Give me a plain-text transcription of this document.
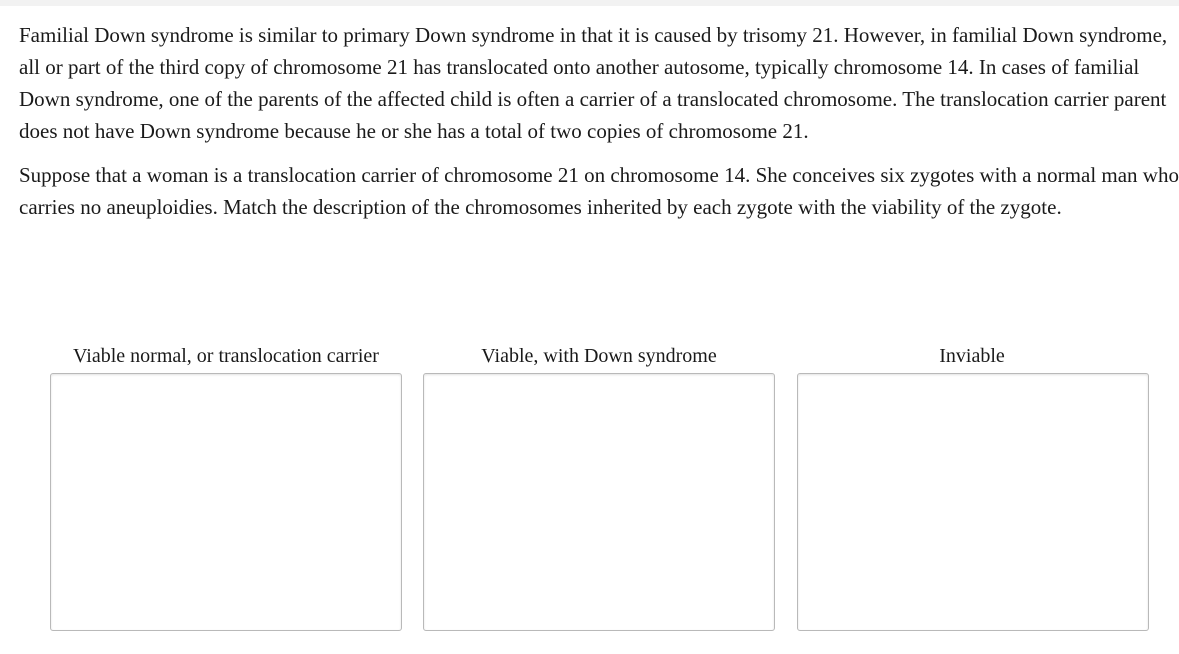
Familial Down syndrome is similar to primary Down syndrome in that it is caused by trisomy 21. However, in familial Down syndrome, all or part of the third copy of chromosome 21 has translocated onto another autosome, typically chromosome 14. In cases of familial Down syndrome, one of the parents of the affected child is often a carrier of a translocated chromosome. The translocation carrier parent does not have Down syndrome because he or she has a total of two copies of chromosome 21.

Suppose that a woman is a translocation carrier of chromosome 21 on chromosome 14. She conceives six zygotes with a normal man who carries no aneuploidies. Match the description of the chromosomes inherited by each zygote with the viability of the zygote.

Viable normal, or translocation carrier	Viable, with Down syndrome	Inviable
